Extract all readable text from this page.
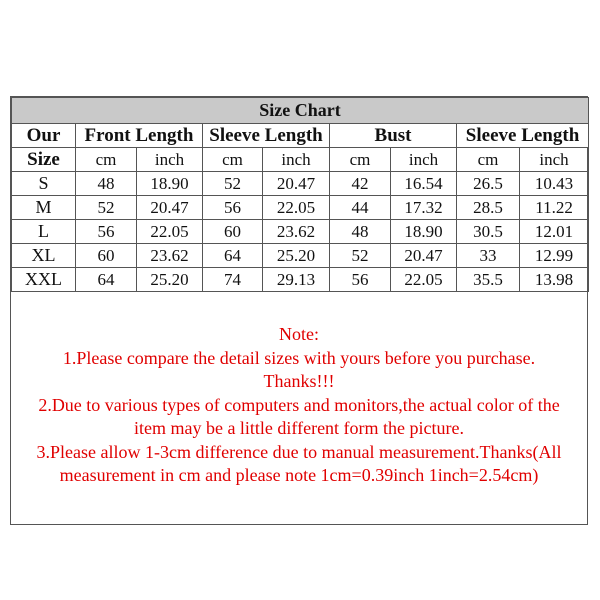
Size Chart								
Our	Front Length		Sleeve Length		Bust		Sleeve Length	
Size	cm	inch	cm	inch	cm	inch	cm	inch
S	48	18.90	52	20.47	42	16.54	26.5	10.43
M	52	20.47	56	22.05	44	17.32	28.5	11.22
L	56	22.05	60	23.62	48	18.90	30.5	12.01
XL	60	23.62	64	25.20	52	20.47	33	12.99
XXL	64	25.20	74	29.13	56	22.05	35.5	13.98
Note:
1.Please compare the detail sizes with yours before you purchase.
Thanks!!!
2.Due to various types of computers and monitors,the actual color of the
item may be a little different form the picture.
3.Please allow 1-3cm difference due to manual measurement.Thanks(All
measurement in cm and please note 1cm=0.39inch 1inch=2.54cm)
